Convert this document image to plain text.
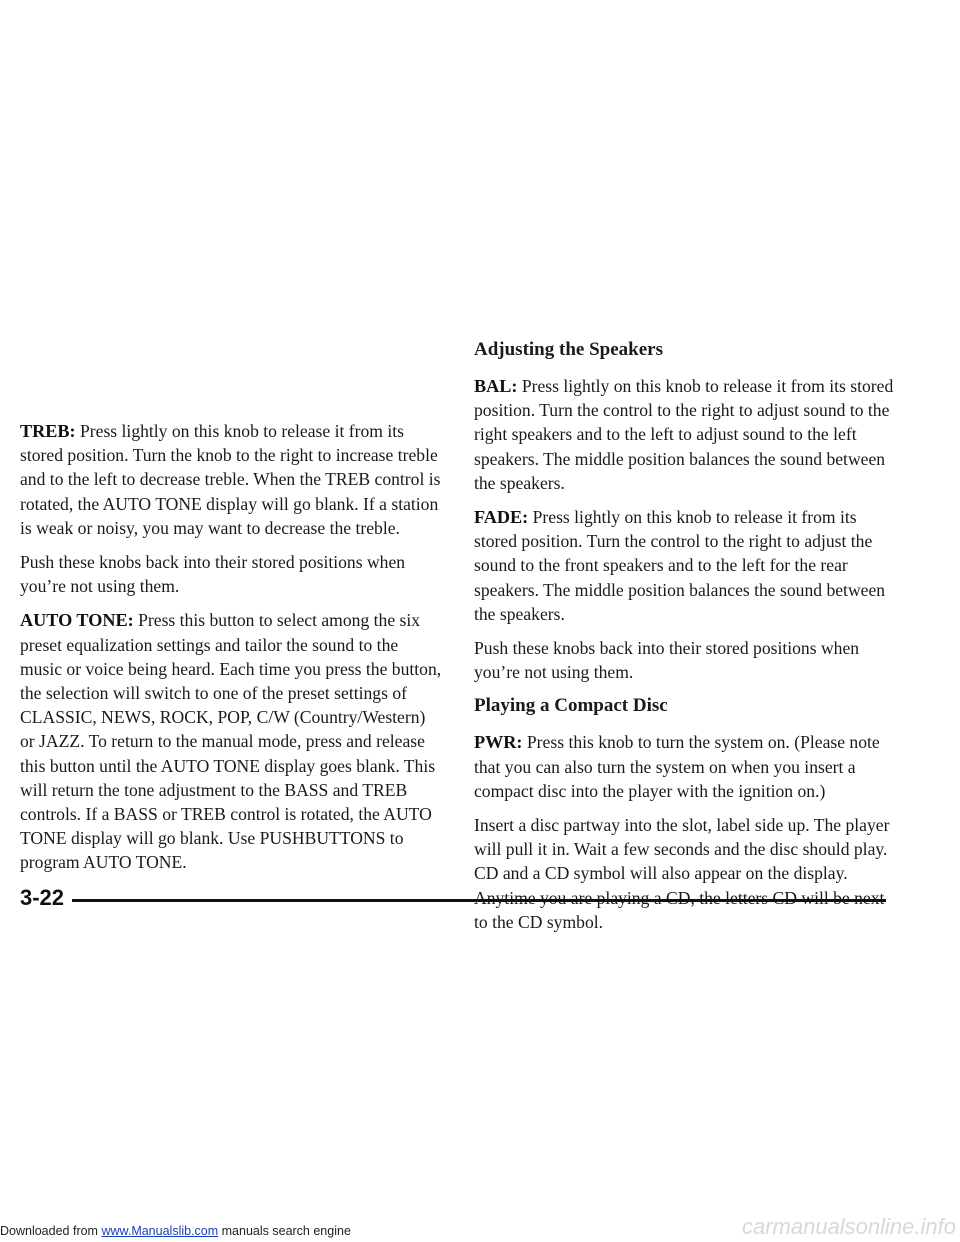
TREB: Press lightly on this knob to release it from its stored position. Turn the knob to the right to increase treble and to the left to decrease treble. When the TREB control is rotated, the AUTO TONE display will go blank. If a station is weak or noisy, you may want to decrease the treble.

Push these knobs back into their stored positions when you’re not using them.

AUTO TONE: Press this button to select among the six preset equalization settings and tailor the sound to the music or voice being heard. Each time you press the button, the selection will switch to one of the preset settings of CLASSIC, NEWS, ROCK, POP, C/W (Country/Western) or JAZZ. To return to the manual mode, press and release this button until the AUTO TONE display goes blank. This will return the tone adjustment to the BASS and TREB controls. If a BASS or TREB control is rotated, the AUTO TONE display will go blank. Use PUSHBUTTONS to program AUTO TONE.

Adjusting the Speakers

BAL: Press lightly on this knob to release it from its stored position. Turn the control to the right to adjust sound to the right speakers and to the left to adjust sound to the left speakers. The middle position balances the sound between the speakers.

FADE: Press lightly on this knob to release it from its stored position. Turn the control to the right to adjust the sound to the front speakers and to the left for the rear speakers. The middle position balances the sound between the speakers.

Push these knobs back into their stored positions when you’re not using them.

Playing a Compact Disc

PWR: Press this knob to turn the system on. (Please note that you can also turn the system on when you insert a compact disc into the player with the ignition on.)

Insert a disc partway into the slot, label side up. The player will pull it in. Wait a few seconds and the disc should play. CD and a CD symbol will also appear on the display. to the CD symbol.

3-22
Downloaded from www.Manualslib.com manuals search engine	carmanualsonline.info
